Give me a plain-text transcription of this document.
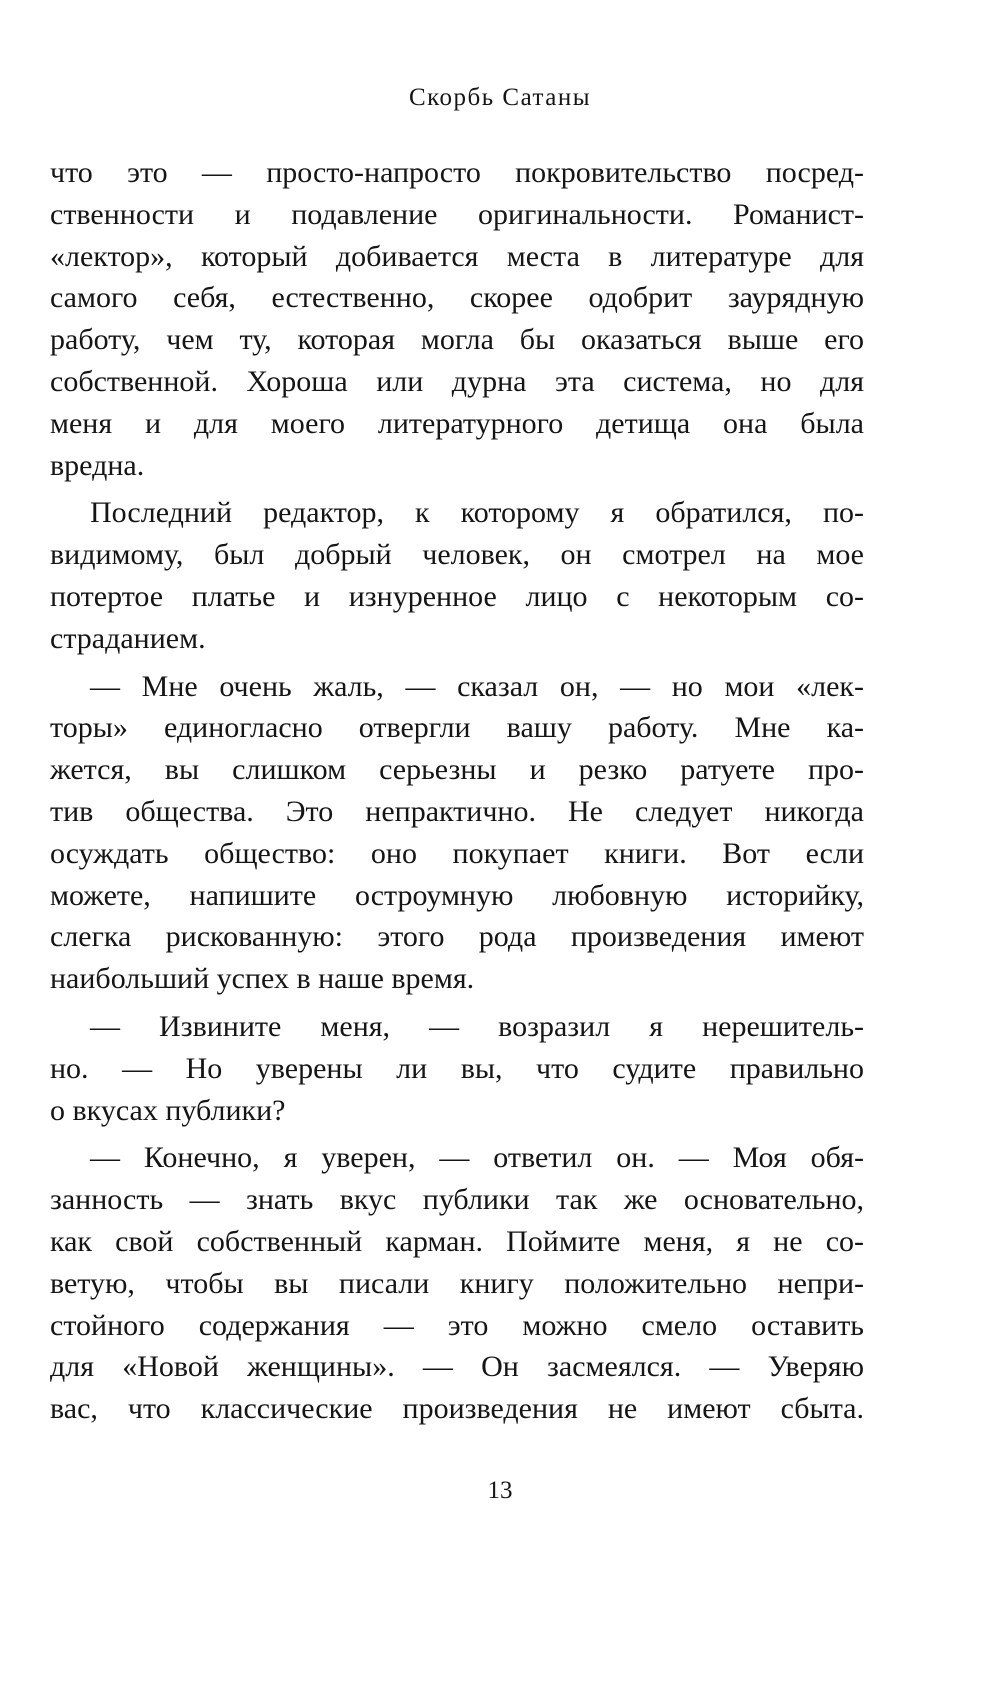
Скорбь Сатаны
что это — просто-напросто покровительство посред-
ственности и подавление оригинальности. Романист-
«лектор», который добивается места в литературе для
самого себя, естественно, скорее одобрит заурядную
работу, чем ту, которая могла бы оказаться выше его
собственной. Хороша или дурна эта система, но для
меня и для моего литературного детища она была
вредна.
Последний редактор, к которому я обратился, по-
видимому, был добрый человек, он смотрел на мое
потертое платье и изнуренное лицо с некоторым со-
страданием.
— Мне очень жаль, — сказал он, — но мои «лек-
торы» единогласно отвергли вашу работу. Мне ка-
жется, вы слишком серьезны и резко ратуете про-
тив общества. Это непрактично. Не следует никогда
осуждать общество: оно покупает книги. Вот если
можете, напишите остроумную любовную историйку,
слегка рискованную: этого рода произведения имеют
наибольший успех в наше время.
— Извините меня, — возразил я нерешитель-
но. — Но уверены ли вы, что судите правильно
о вкусах публики?
— Конечно, я уверен, — ответил он. — Моя обя-
занность — знать вкус публики так же основательно,
как свой собственный карман. Поймите меня, я не со-
ветую, чтобы вы писали книгу положительно непри-
стойного содержания — это можно смело оставить
для «Новой женщины». — Он засмеялся. — Уверяю
вас, что классические произведения не имеют сбыта.
13
